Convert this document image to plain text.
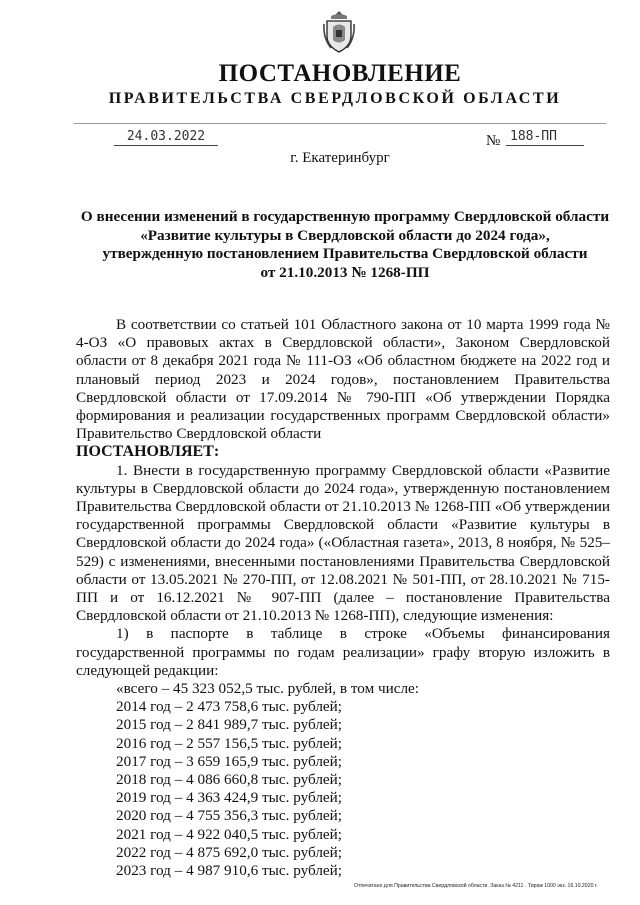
ПОСТАНОВЛЕНИЕ
ПРАВИТЕЛЬСТВА СВЕРДЛОВСКОЙ ОБЛАСТИ
24.03.2022	№ 188-ПП
г. Екатеринбург
О внесении изменений в государственную программу Свердловской области
«Развитие культуры в Свердловской области до 2024 года»,
утвержденную постановлением Правительства Свердловской области
от 21.10.2013 № 1268-ПП

В соответствии со статьей 101 Областного закона от 10 марта 1999 года № 4-ОЗ «О правовых актах в Свердловской области», Законом Свердловской области от 8 декабря 2021 года № 111-ОЗ «Об областном бюджете на 2022 год и плановый период 2023 и 2024 годов», постановлением Правительства Свердловской области от 17.09.2014 № 790-ПП «Об утверждении Порядка формирования и реализации государственных программ Свердловской области» Правительство Свердловской области

ПОСТАНОВЛЯЕТ:

1. Внести в государственную программу Свердловской области «Развитие культуры в Свердловской области до 2024 года», утвержденную постановлением Правительства Свердловской области от 21.10.2013 № 1268-ПП «Об утверждении государственной программы Свердловской области «Развитие культуры в Свердловской области до 2024 года» («Областная газета», 2013, 8 ноября, № 525–529) с изменениями, внесенными постановлениями Правительства Свердловской области от 13.05.2021 № 270-ПП, от 12.08.2021 № 501-ПП, от 28.10.2021 № 715-ПП и от 16.12.2021 № 907-ПП (далее – постановление Правительства Свердловской области от 21.10.2013 № 1268-ПП), следующие изменения:

1) в паспорте в таблице в строке «Объемы финансирования государственной программы по годам реализации» графу вторую изложить в следующей редакции:

«всего – 45 323 052,5 тыс. рублей, в том числе:

2014 год – 2 473 758,6 тыс. рублей;

2015 год – 2 841 989,7 тыс. рублей;

2016 год – 2 557 156,5 тыс. рублей;

2017 год – 3 659 165,9 тыс. рублей;

2018 год – 4 086 660,8 тыс. рублей;

2019 год – 4 363 424,9 тыс. рублей;

2020 год – 4 755 356,3 тыс. рублей;

2021 год – 4 922 040,5 тыс. рублей;

2022 год – 4 875 692,0 тыс. рублей;

2023 год – 4 987 910,6 тыс. рублей;

Отпечатано для Правительства Свердловской области. Заказ № 4211 . Тираж 1000 экз. 16.10.2020 г.
